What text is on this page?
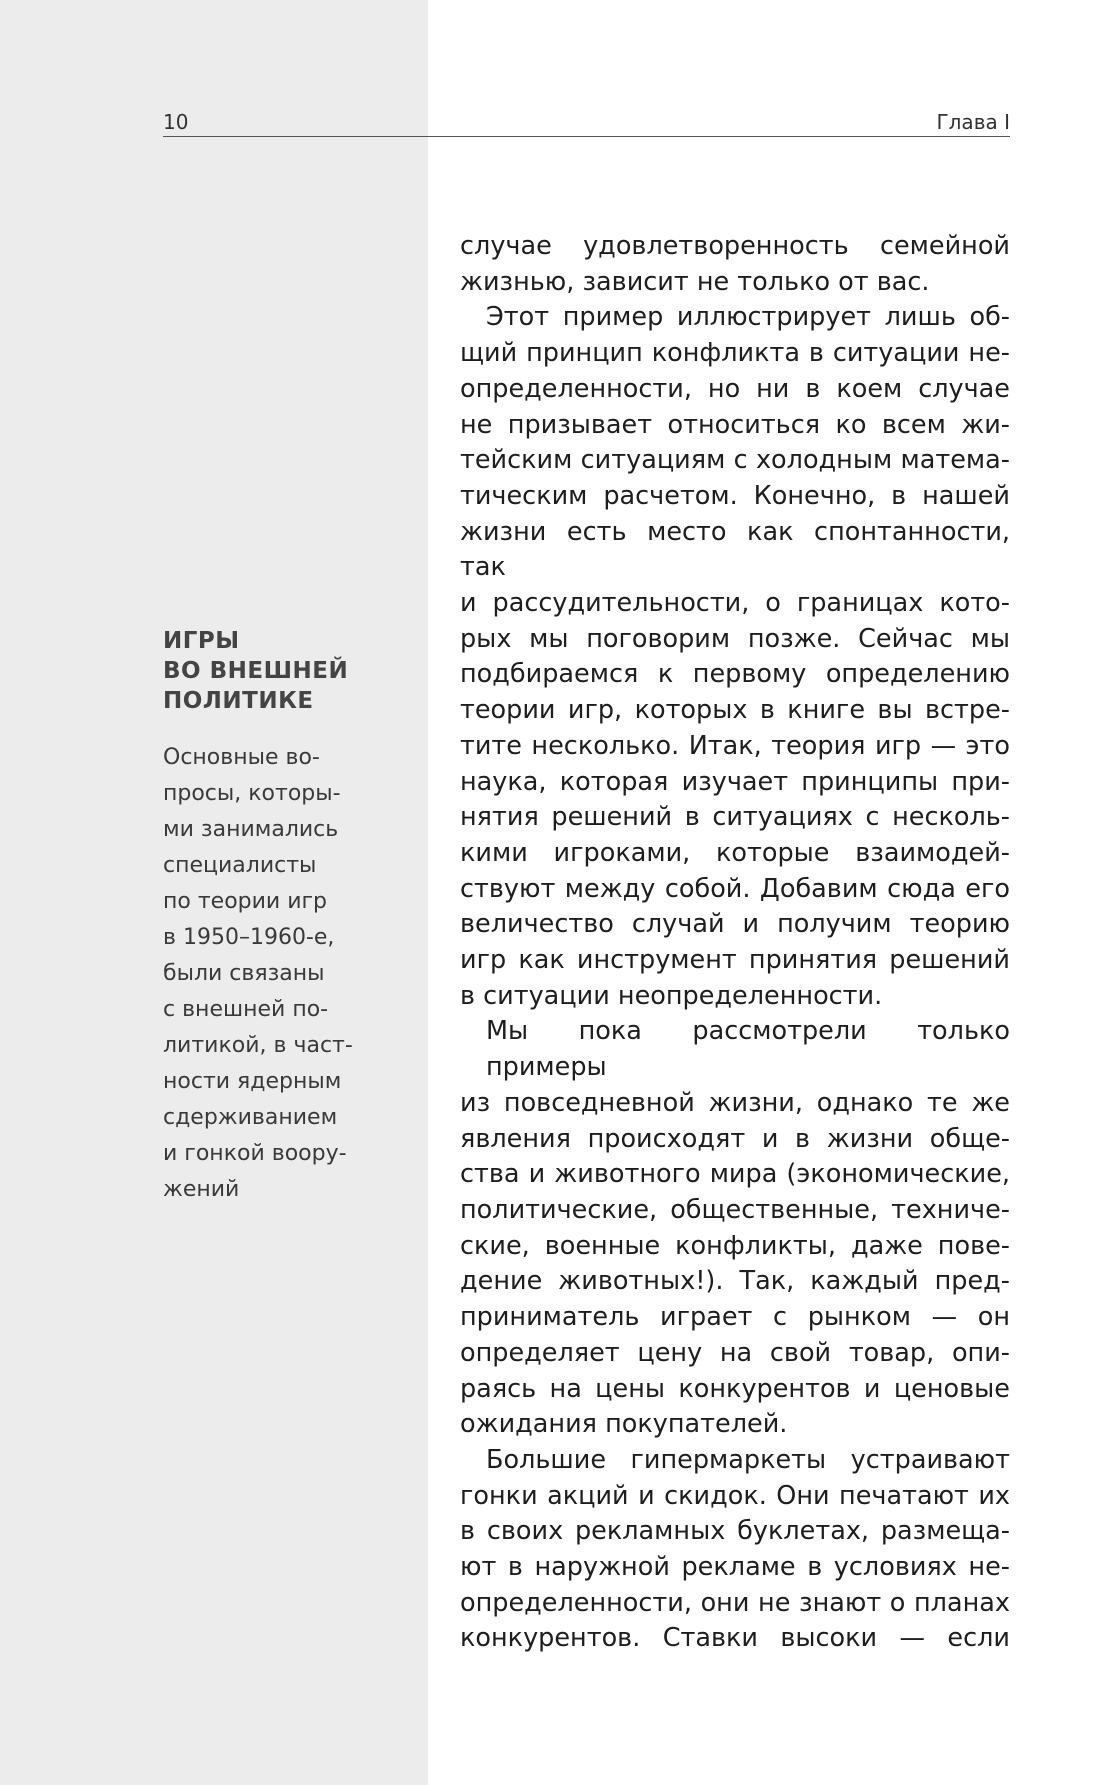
10	Глава I
ИГРЫ
ВО ВНЕШНЕЙ
ПОЛИТИКЕ
Основные во-
просы, которы-
ми занимались
специалисты
по теории игр
в 1950–1960-е,
были связаны
с внешней по-
литикой, в част-
ности ядерным
сдерживанием
и гонкой воору-
жений
случае удовлетворенность семейной
жизнью, зависит не только от вас.
Этот пример иллюстрирует лишь об-
щий принцип конфликта в ситуации не-
определенности, но ни в коем случае
не призывает относиться ко всем жи-
тейским ситуациям с холодным матема-
тическим расчетом. Конечно, в нашей
жизни есть место как спонтанности, так
и рассудительности, о границах кото-
рых мы поговорим позже. Сейчас мы
подбираемся к первому определению
теории игр, которых в книге вы встре-
тите несколько. Итак, теория игр — это
наука, которая изучает принципы при-
нятия решений в ситуациях с несколь-
кими игроками, которые взаимодей-
ствуют между собой. Добавим сюда его
величество случай и получим теорию
игр как инструмент принятия решений
в ситуации неопределенности.
Мы пока рассмотрели только примеры
из повседневной жизни, однако те же
явления происходят и в жизни обще-
ства и животного мира (экономические,
политические, общественные, техниче-
ские, военные конфликты, даже пове-
дение животных!). Так, каждый пред-
приниматель играет с рынком — он
определяет цену на свой товар, опи-
раясь на цены конкурентов и ценовые
ожидания покупателей.
Большие гипермаркеты устраивают
гонки акций и скидок. Они печатают их
в своих рекламных буклетах, размеща-
ют в наружной рекламе в условиях не-
определенности, они не знают о планах
конкурентов. Ставки высоки — если
